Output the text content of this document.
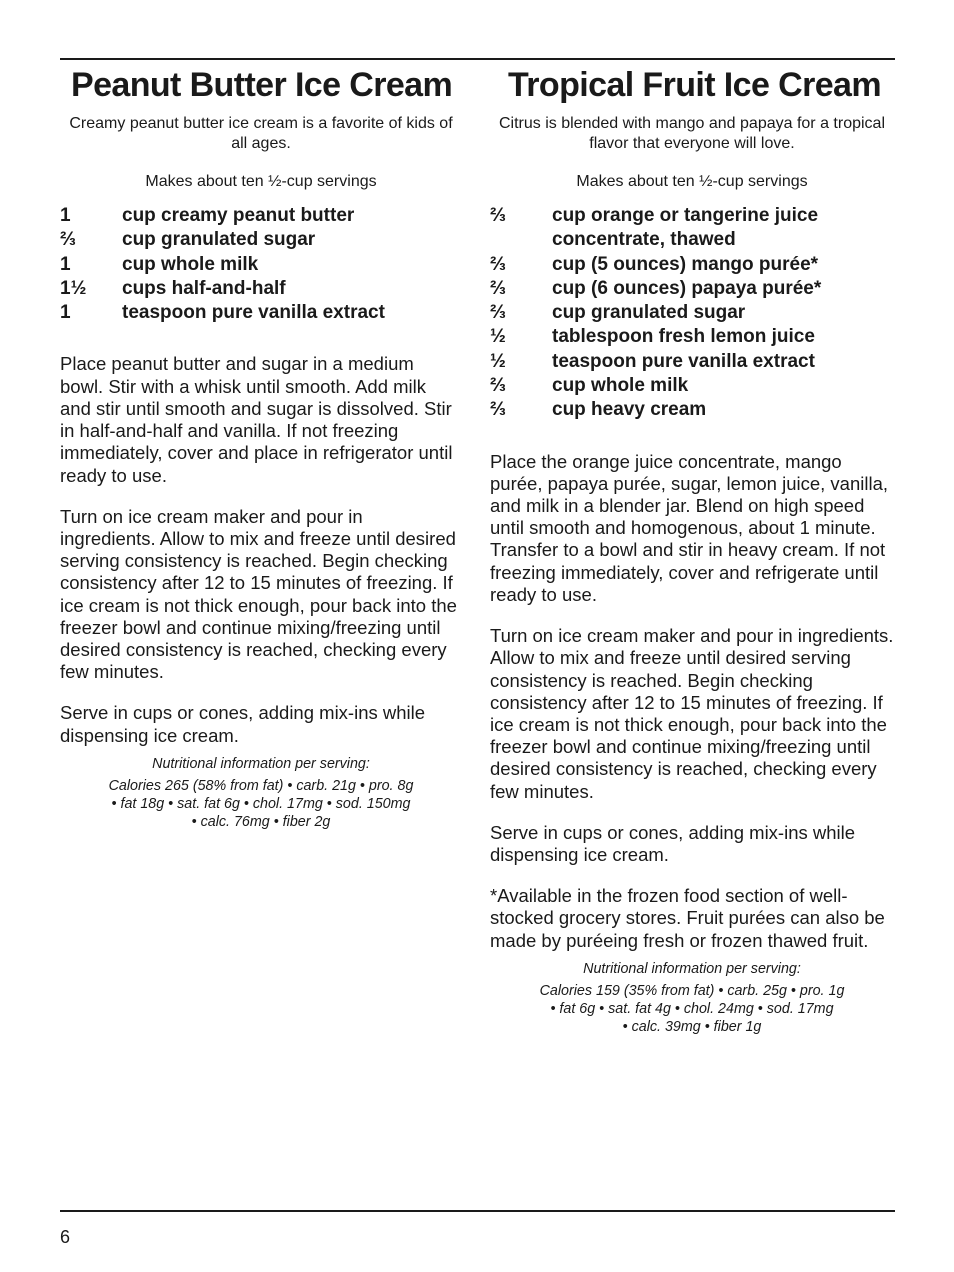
Peanut Butter Ice Cream

Creamy peanut butter ice cream is a favorite of kids of all ages.

Makes about ten ½-cup servings

1	cup creamy peanut butter
⅔	cup granulated sugar
1	cup whole milk
1½	cups half-and-half
1	teaspoon pure vanilla extract

Place peanut butter and sugar in a medium bowl. Stir with a whisk until smooth. Add milk and stir until smooth and sugar is dissolved. Stir in half-and-half and vanilla. If not freezing immediately, cover and place in refrigerator until ready to use.

Turn on ice cream maker and pour in ingredients. Allow to mix and freeze until desired serving consistency is reached. Begin checking consistency after 12 to 15 minutes of freezing. If ice cream is not thick enough, pour back into the freezer bowl and continue mixing/freezing until desired consistency is reached, checking every few minutes.

Serve in cups or cones, adding mix-ins while dispensing ice cream.

Nutritional information per serving:
Calories 265 (58% from fat) • carb. 21g • pro. 8g
• fat 18g • sat. fat 6g • chol. 17mg • sod. 150mg
• calc. 76mg • fiber 2g
Tropical Fruit Ice Cream

Citrus is blended with mango and papaya for a tropical flavor that everyone will love.

Makes about ten ½-cup servings

⅔	cup orange or tangerine juice concentrate, thawed
⅔	cup (5 ounces) mango purée*
⅔	cup (6 ounces) papaya purée*
⅔	cup granulated sugar
½	tablespoon fresh lemon juice
½	teaspoon pure vanilla extract
⅔	cup whole milk
⅔	cup heavy cream

Place the orange juice concentrate, mango purée, papaya purée, sugar, lemon juice, vanilla, and milk in a blender jar. Blend on high speed until smooth and homogenous, about 1 minute. Transfer to a bowl and stir in heavy cream. If not freezing immediately, cover and refrigerate until ready to use.

Turn on ice cream maker and pour in ingredients. Allow to mix and freeze until desired serving consistency is reached. Begin checking consistency after 12 to 15 minutes of freezing. If ice cream is not thick enough, pour back into the freezer bowl and continue mixing/freezing until desired consistency is reached, checking every few minutes.

Serve in cups or cones, adding mix-ins while dispensing ice cream.

*Available in the frozen food section of well-stocked grocery stores. Fruit purées can also be made by puréeing fresh or frozen thawed fruit.

Nutritional information per serving:
Calories 159 (35% from fat) • carb. 25g • pro. 1g
• fat 6g • sat. fat 4g • chol. 24mg • sod. 17mg
• calc. 39mg • fiber 1g
6
